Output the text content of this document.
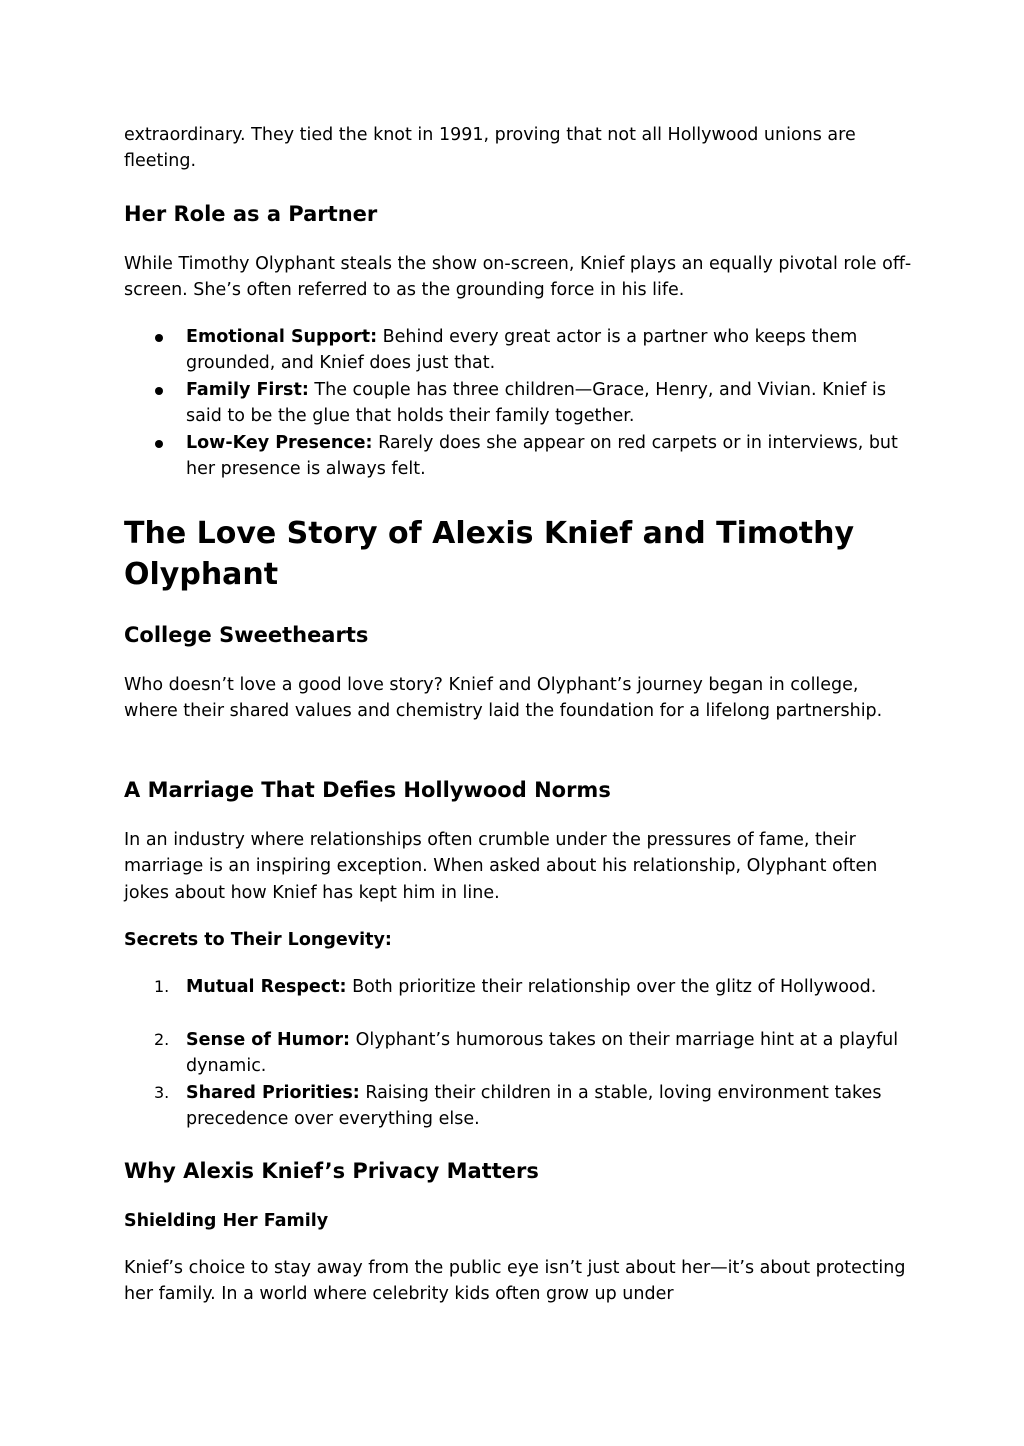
extraordinary. They tied the knot in 1991, proving that not all Hollywood unions are fleeting.

Her Role as a Partner

While Timothy Olyphant steals the show on-screen, Knief plays an equally pivotal role off-screen. She’s often referred to as the grounding force in his life.

Emotional Support: Behind every great actor is a partner who keeps them grounded, and Knief does just that.
Family First: The couple has three children—Grace, Henry, and Vivian. Knief is said to be the glue that holds their family together.
Low-Key Presence: Rarely does she appear on red carpets or in interviews, but her presence is always felt.
The Love Story of Alexis Knief and Timothy Olyphant
College Sweethearts

Who doesn’t love a good love story? Knief and Olyphant’s journey began in college, where their shared values and chemistry laid the foundation for a lifelong partnership.

A Marriage That Defies Hollywood Norms

In an industry where relationships often crumble under the pressures of fame, their marriage is an inspiring exception. When asked about his relationship, Olyphant often jokes about how Knief has kept him in line.

Secrets to Their Longevity:
1. Mutual Respect: Both prioritize their relationship over the glitz of Hollywood.
2. Sense of Humor: Olyphant’s humorous takes on their marriage hint at a playful dynamic.
3. Shared Priorities: Raising their children in a stable, loving environment takes precedence over everything else.
Why Alexis Knief’s Privacy Matters
Shielding Her Family

Knief’s choice to stay away from the public eye isn’t just about her—it’s about protecting her family. In a world where celebrity kids often grow up under
